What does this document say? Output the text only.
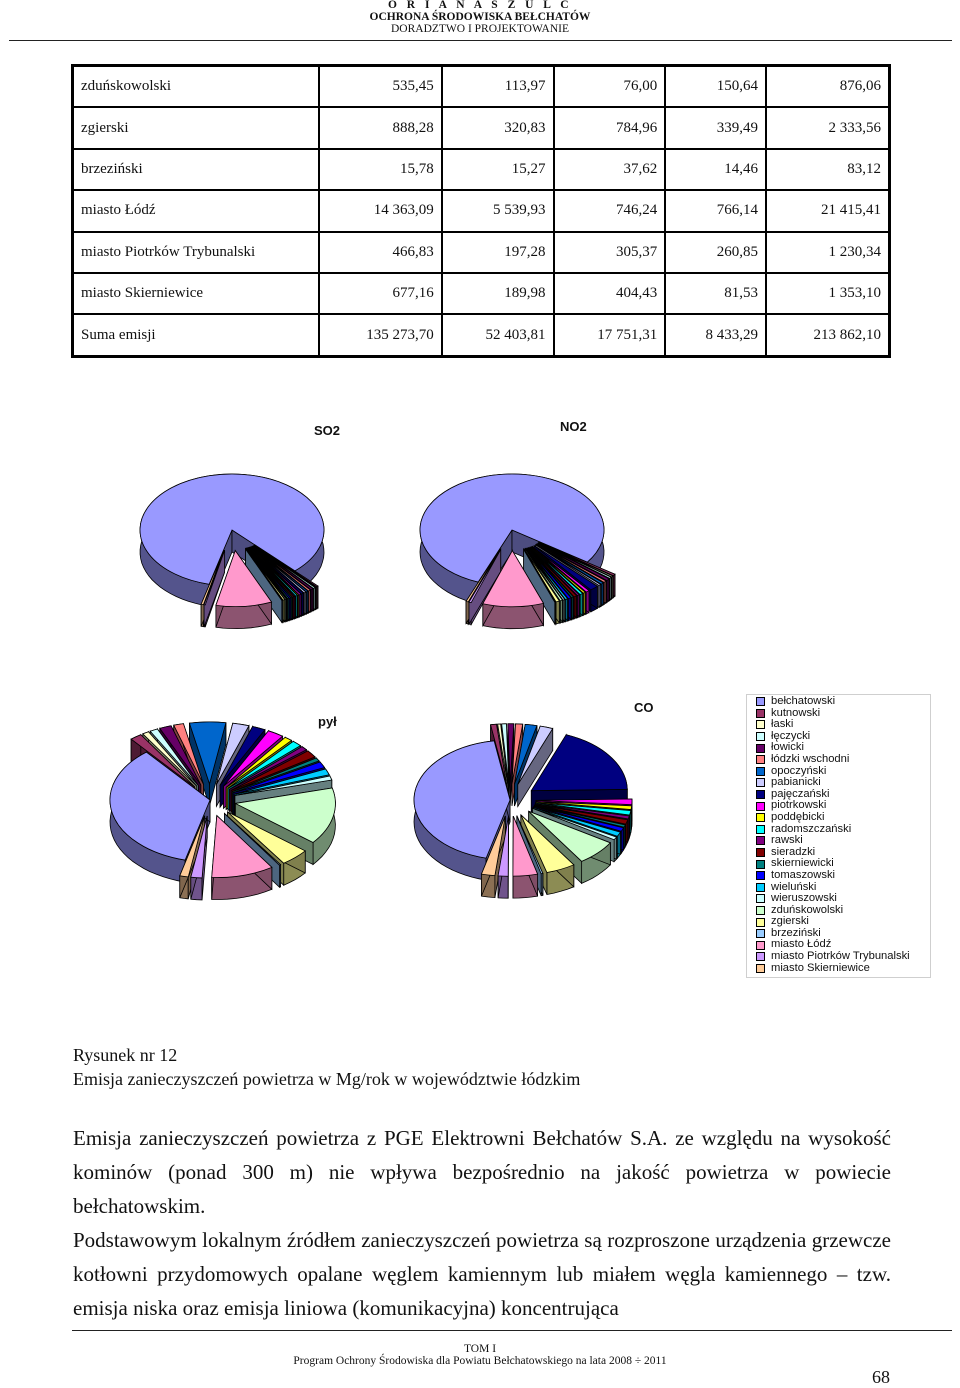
O R I A N A S Z U L C
OCHRONA ŚRODOWISKA BEŁCHATÓW
DORADZTWO I PROJEKTOWANIE
zduńskowolski	535,45	113,97	76,00	150,64	876,06
zgierski	888,28	320,83	784,96	339,49	2 333,56
brzeziński	15,78	15,27	37,62	14,46	83,12
miasto Łódź	14 363,09	5 539,93	746,24	766,14	21 415,41
miasto Piotrków Trybunalski	466,83	197,28	305,37	260,85	1 230,34
miasto Skierniewice	677,16	189,98	404,43	81,53	1 353,10
Suma emisji	135 273,70	52 403,81	17 751,31	8 433,29	213 862,10
SO2	NO2
pył
CO	bełchatowski
kutnowski
łaski
łęczycki
łowicki
łódzki wschodni
opoczyński
pabianicki
pajęczański
piotrkowski
poddębicki
radomszczański
rawski
sieradzki
skierniewicki
tomaszowski
wieluński
wieruszowski
zduńskowolski
zgierski
brzeziński
miasto Łódź
miasto Piotrków Trybunalski
miasto Skierniewice
Rysunek nr 12
Emisja zanieczyszczeń powietrza w Mg/rok w województwie łódzkim

Emisja zanieczyszczeń powietrza z PGE Elektrowni Bełchatów S.A. ze względu na wysokość kominów (ponad 300 m) nie wpływa bezpośrednio na jakość powietrza w powiecie bełchatowskim.

Podstawowym lokalnym źródłem zanieczyszczeń powietrza są rozproszone urządzenia grzewcze kotłowni przydomowych opalane węglem kamiennym lub miałem węgla kamiennego – tzw. emisja niska oraz emisja liniowa (komunikacyjna) koncentrująca

TOM I
Program Ochrony Środowiska dla Powiatu Bełchatowskiego na lata 2008 ÷ 2011
68
